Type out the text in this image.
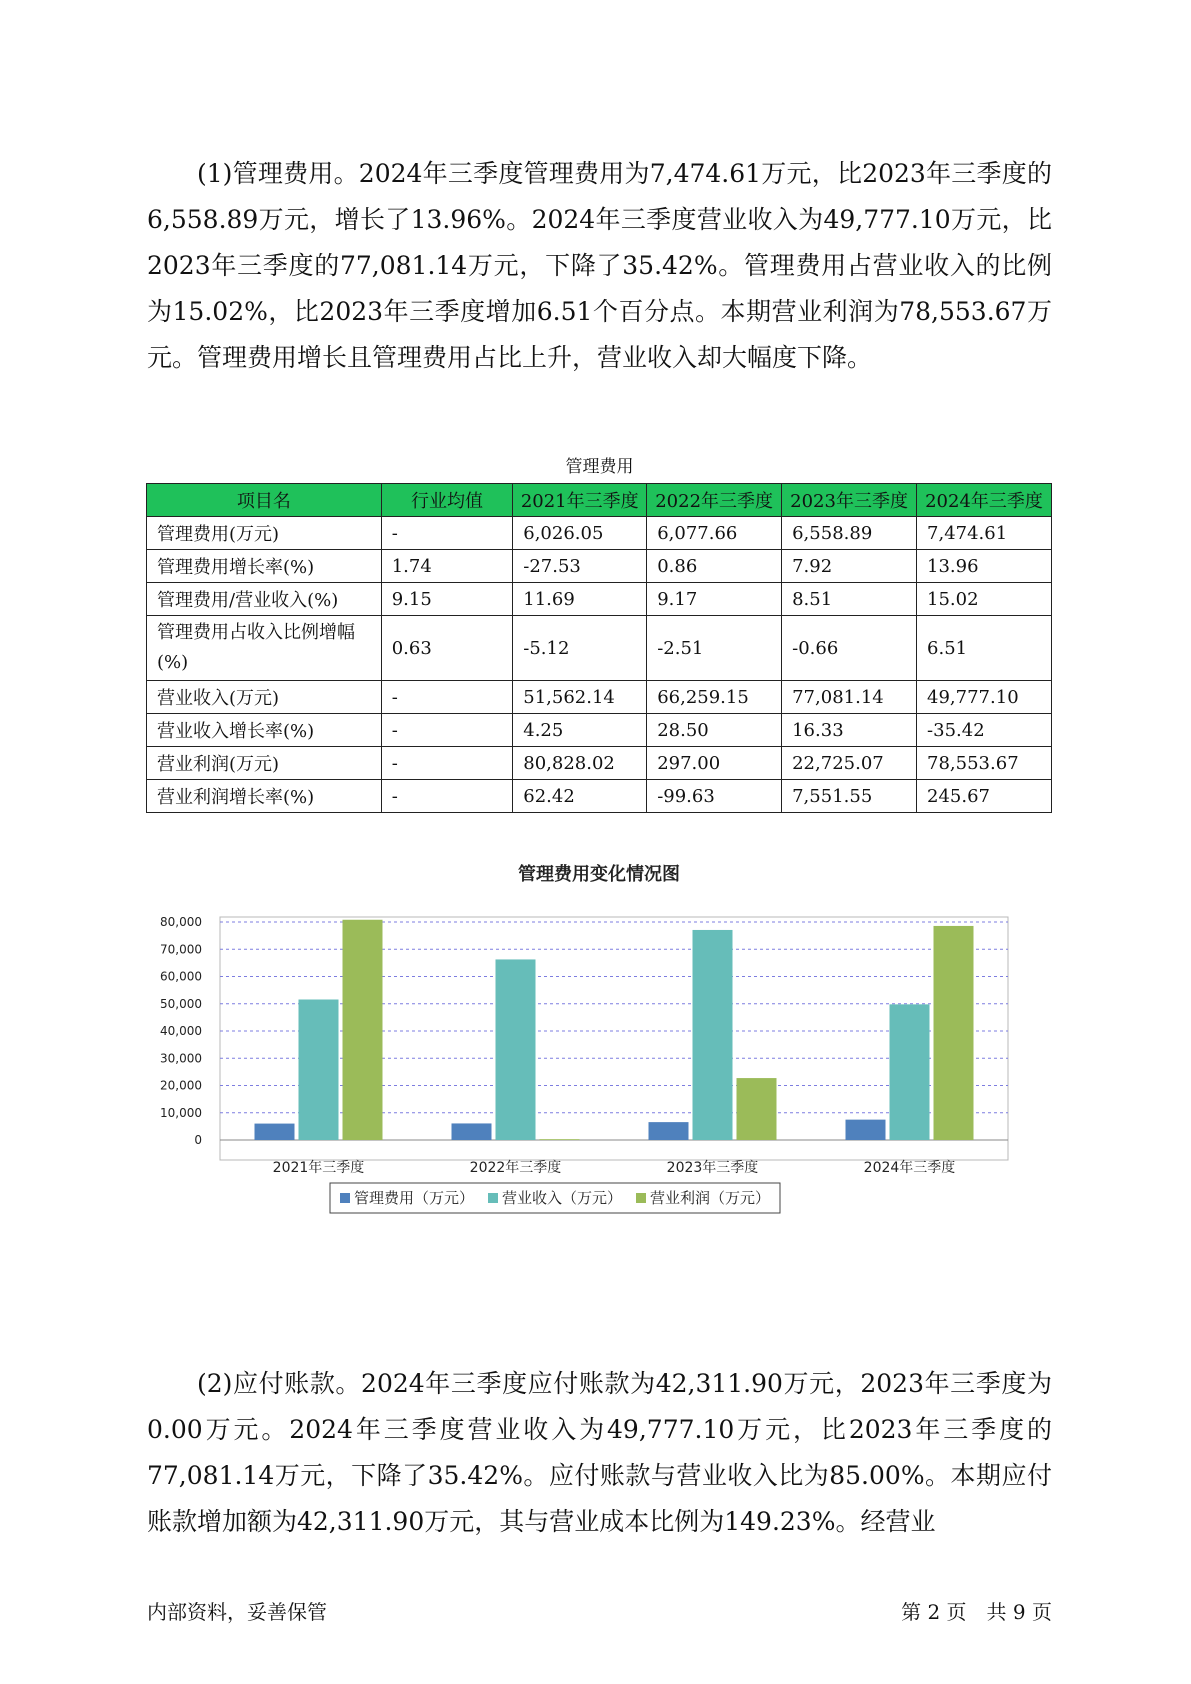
(1)管理费用。2024年三季度管理费用为7,474.61万元，比2023年三季度的6,558.89万元，增长了13.96%。2024年三季度营业收入为49,777.10万元，比2023年三季度的77,081.14万元，下降了35.42%。管理费用占营业收入的比例为15.02%，比2023年三季度增加6.51个百分点。本期营业利润为78,553.67万元。管理费用增长且管理费用占比上升，营业收入却大幅度下降。

管理费用
项目名	行业均值	2021年三季度	2022年三季度	2023年三季度	2024年三季度
管理费用(万元)	-	6,026.05	6,077.66	6,558.89	7,474.61
管理费用增长率(%)	1.74	-27.53	0.86	7.92	13.96
管理费用/营业收入(%)	9.15	11.69	9.17	8.51	15.02
管理费用占收入比例增幅(%)	0.63	-5.12	-2.51	-0.66	6.51
营业收入(万元)	-	51,562.14	66,259.15	77,081.14	49,777.10
营业收入增长率(%)	-	4.25	28.50	16.33	-35.42
营业利润(万元)	-	80,828.02	297.00	22,725.07	78,553.67
营业利润增长率(%)	-	62.42	-99.63	7,551.55	245.67
管理费用变化情况图
0
10,000
20,000
30,000
40,000
50,000
60,000
70,000
80,000
2021年三季度	2022年三季度	2023年三季度	2024年三季度
管理费用（万元） 营业收入（万元） 营业利润（万元）

(2)应付账款。2024年三季度应付账款为42,311.90万元，2023年三季度为0.00万元。2024年三季度营业收入为49,777.10万元，比2023年三季度的77,081.14万元，下降了35.42%。应付账款与营业收入比为85.00%。本期应付账款增加额为42,311.90万元，其与营业成本比例为149.23%。经营业

内部资料，妥善保管	第 2 页　共 9 页
